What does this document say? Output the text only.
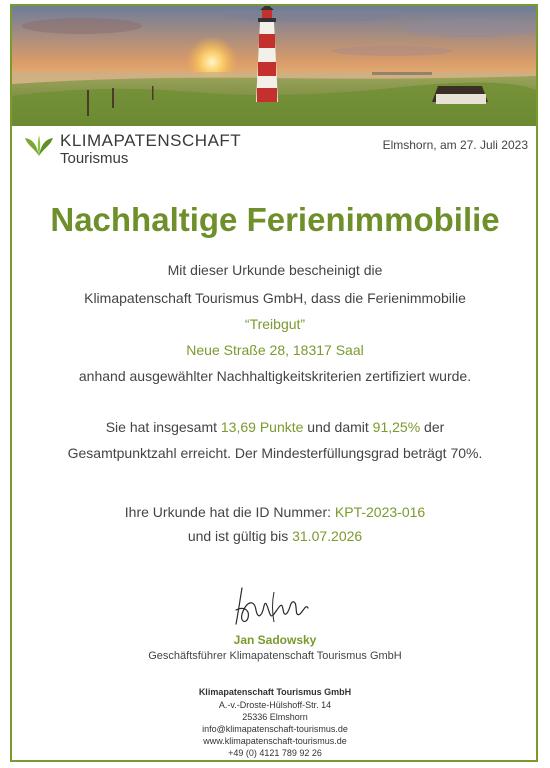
KLIMAPATENSCHAFT
Tourismus
Elmshorn, am 27. Juli 2023
Nachhaltige Ferienimmobilie
Mit dieser Urkunde bescheinigt die
Klimapatenschaft Tourismus GmbH, dass die Ferienimmobilie
“Treibgut”
Neue Straße 28, 18317 Saal
anhand ausgewählter Nachhaltigkeitskriterien zertifiziert wurde.
Sie hat insgesamt 13,69 Punkte und damit 91,25% der
Gesamtpunktzahl erreicht. Der Mindesterfüllungsgrad beträgt 70%.
Ihre Urkunde hat die ID Nummer: KPT-2023-016
und ist gültig bis 31.07.2026
Jan Sadowsky
Geschäftsführer Klimapatenschaft Tourismus GmbH
Klimapatenschaft Tourismus GmbH
A.-v.-Droste-Hülshoff-Str. 14
25336 Elmshorn
info@klimapatenschaft-tourismus.de
www.klimapatenschaft-tourismus.de
+49 (0) 4121 789 92 26
